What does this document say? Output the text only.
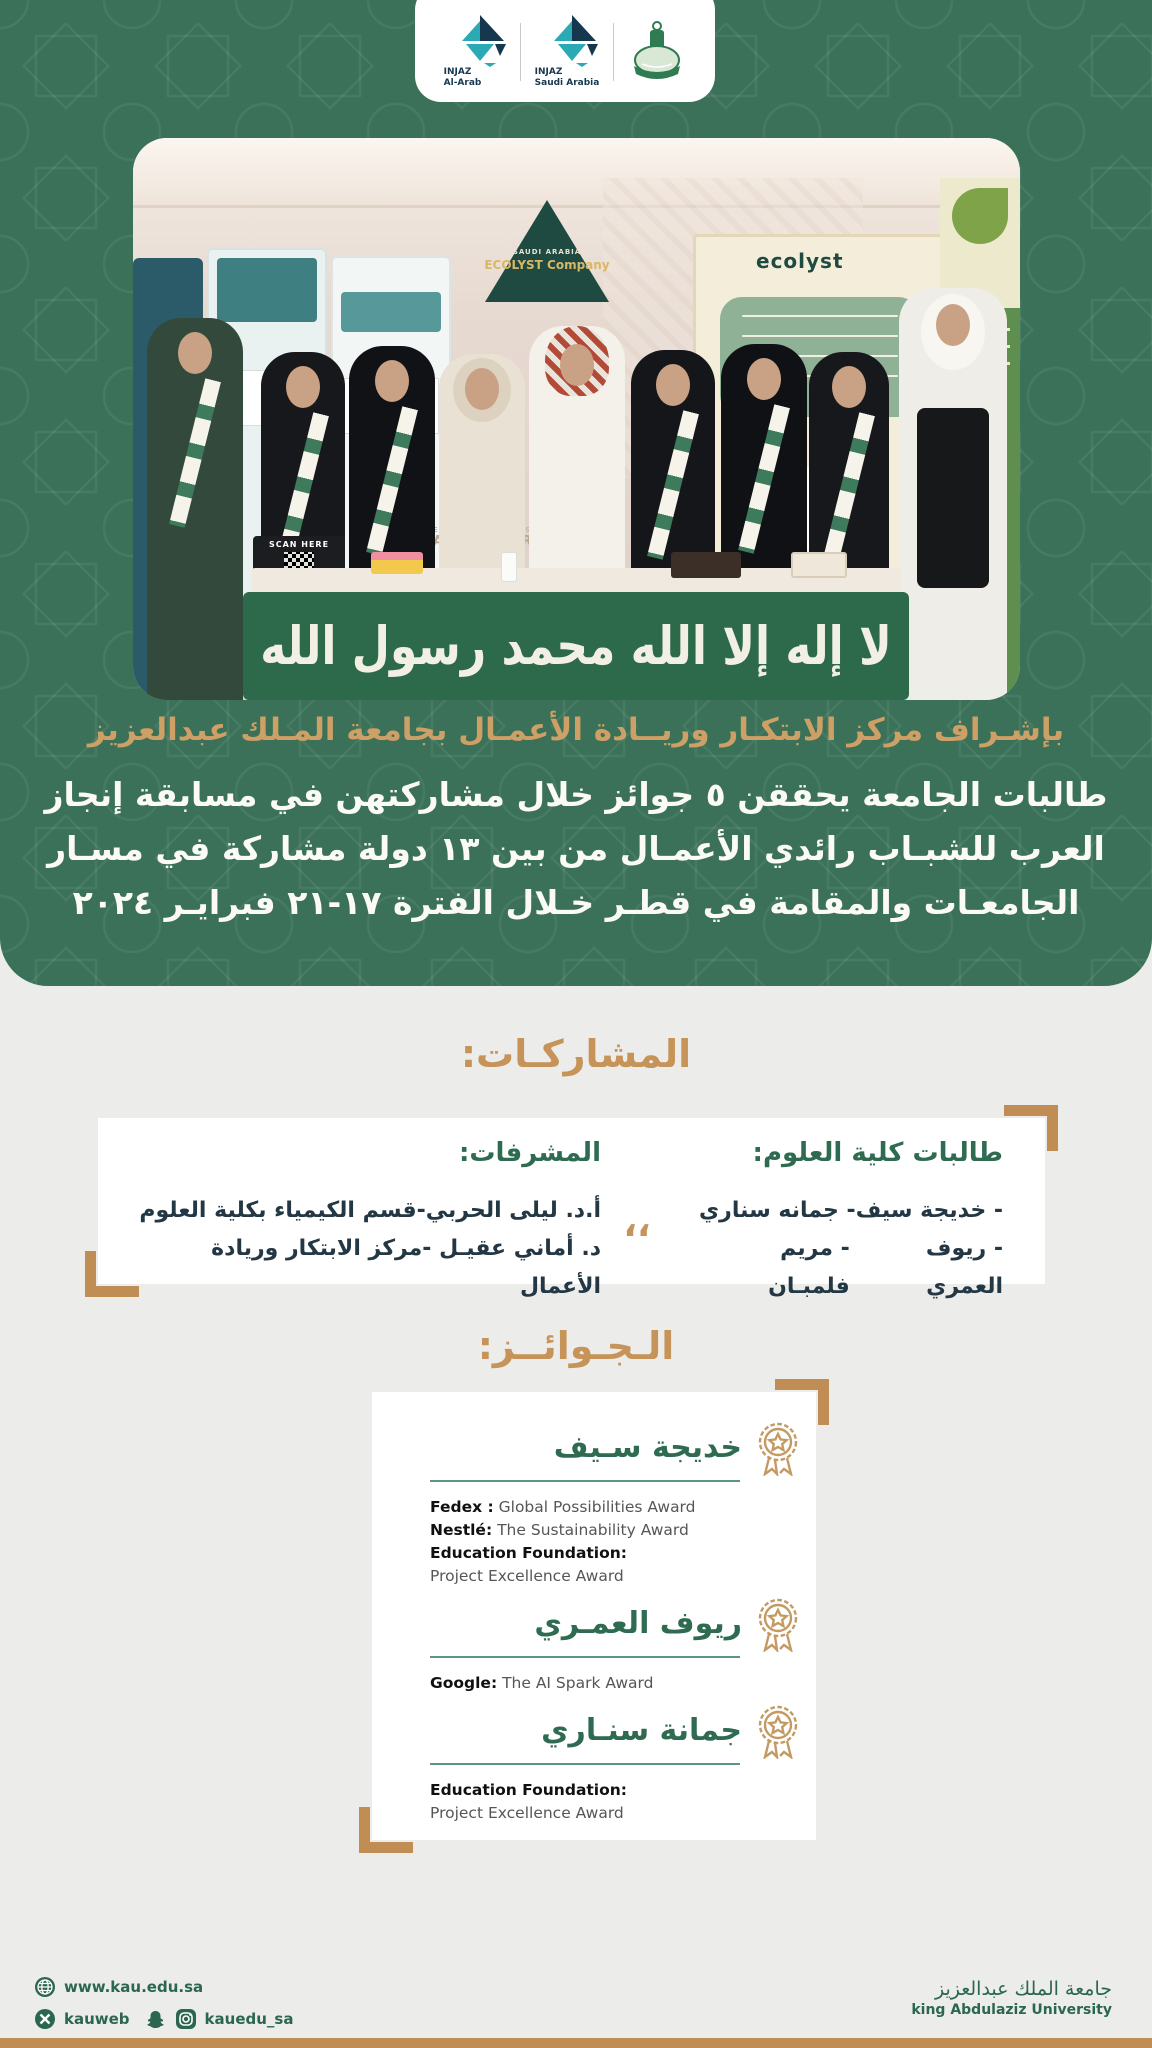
INJAZ
Al-Arab
INJAZ
Saudi Arabia
SAUDI ARABIA
ECOLYST Company	ecolyst
SCAN HERE
لا إله إلا الله محمد رسول الله
بإشـراف مركز الابتكـار وريــادة الأعمـال بجامعة المـلك عبدالعزيز
طالبات الجامعة يحققن ٥ جوائز خلال مشاركتهن في مسابقة إنجاز
العرب للشبـاب رائدي الأعمـال من بين ١٣ دولة مشاركة في مسـار
الجامعـات والمقامة في قطـر خـلال الفترة ١٧-٢١ فبرايـر ٢٠٢٤
المشاركـات:
طالبات كلية العلوم:
- خديجة سيف
- جمانه سناري
- ريوف العمري
- مريم فلمبـان
،،
المشرفات:
أ.د. ليلى الحربي-قسم الكيمياء بكلية العلوم
د. أماني عقيـل -مركز الابتكار وريادة الأعمال
الـجـوائــز:
خديجة سـيف
Fedex : Global Possibilities Award
Nestlé: The Sustainability Award
Education Foundation:
Project Excellence Award
ريوف العمـري
Google: The AI Spark Award
جمانة سنـاري
Education Foundation:
Project Excellence Award
www.kau.edu.sa
kauweb	kauedu_sa
جامعة الملك عبدالعزيز
king Abdulaziz University
